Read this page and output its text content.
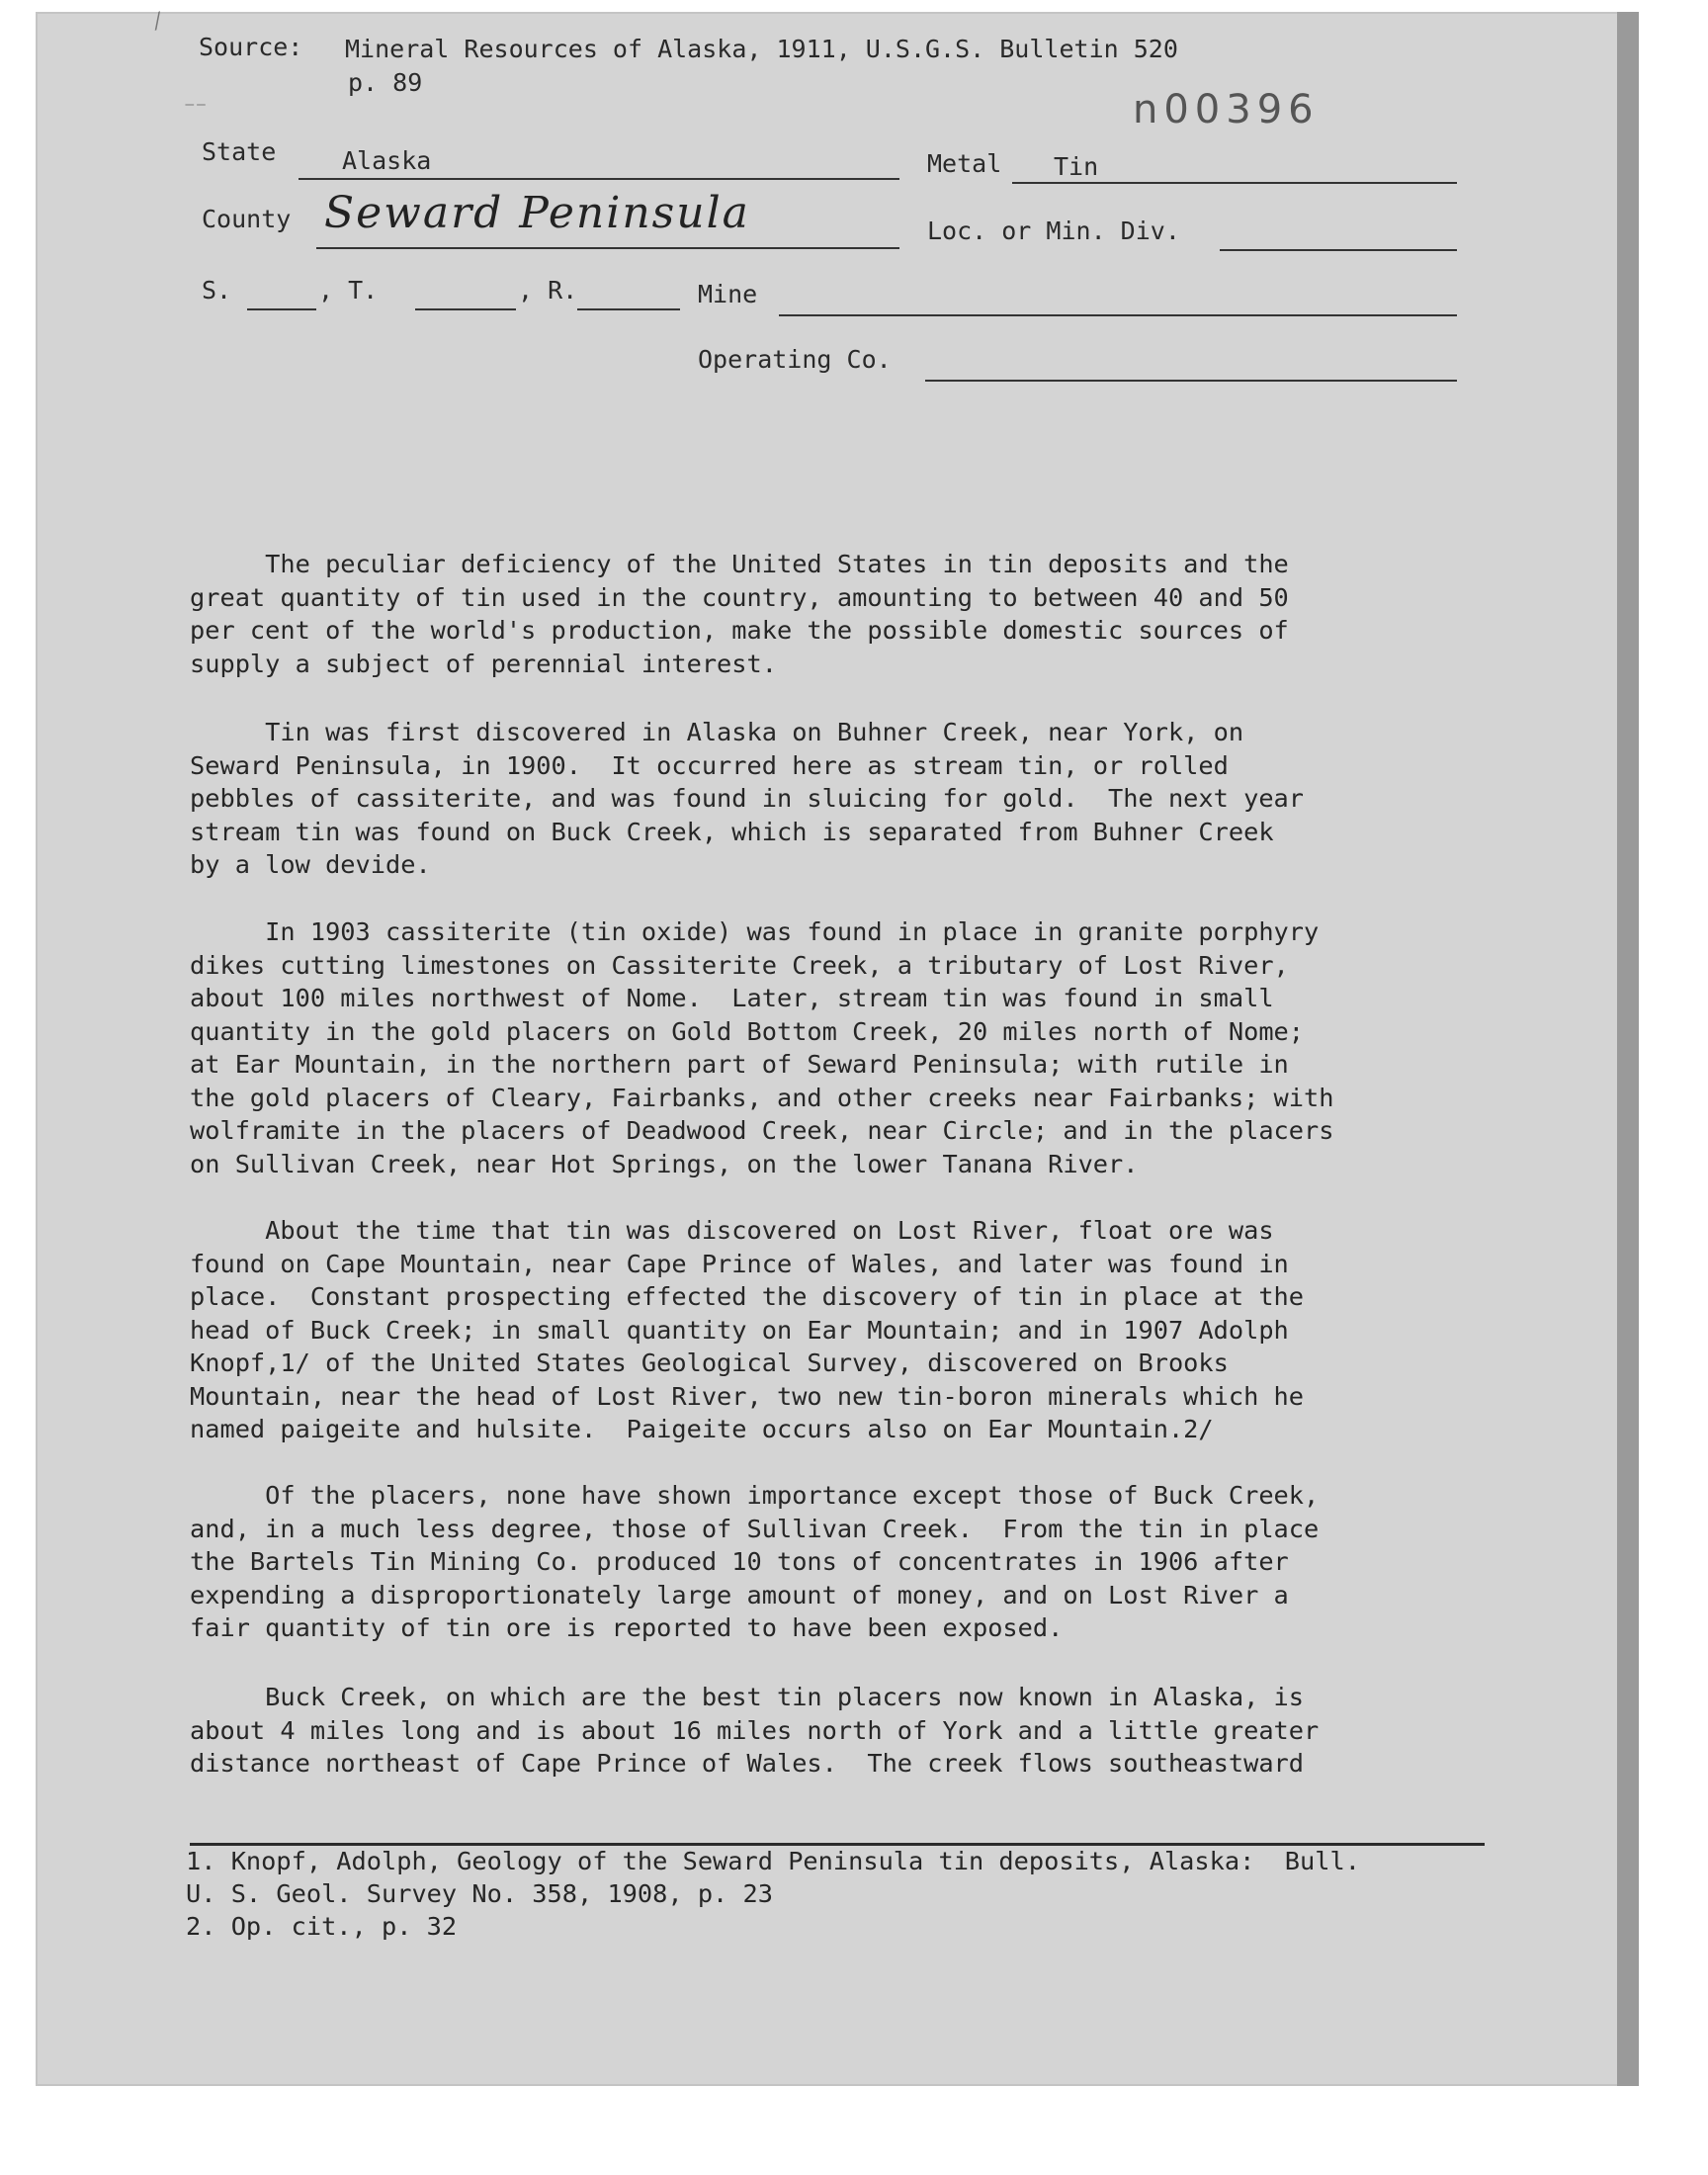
⁄
⁻⁻
Source: Mineral Resources of Alaska, 1911, U.S.G.S. Bulletin 520
p. 89
n00396
State	Alaska	Metal Tin
County Seward Peninsula	Loc. or Min. Div.
S.	, T.	, R.	Mine
Operating Co.

The peculiar deficiency of the United States in tin deposits and the

great quantity of tin used in the country, amounting to between 40 and 50

per cent of the world's production, make the possible domestic sources of

supply a subject of perennial interest.

Tin was first discovered in Alaska on Buhner Creek, near York, on

Seward Peninsula, in 1900.  It occurred here as stream tin, or rolled

pebbles of cassiterite, and was found in sluicing for gold.  The next year

stream tin was found on Buck Creek, which is separated from Buhner Creek

by a low devide.

In 1903 cassiterite (tin oxide) was found in place in granite porphyry

dikes cutting limestones on Cassiterite Creek, a tributary of Lost River,

about 100 miles northwest of Nome.  Later, stream tin was found in small

quantity in the gold placers on Gold Bottom Creek, 20 miles north of Nome;

at Ear Mountain, in the northern part of Seward Peninsula; with rutile in

the gold placers of Cleary, Fairbanks, and other creeks near Fairbanks; with

wolframite in the placers of Deadwood Creek, near Circle; and in the placers

on Sullivan Creek, near Hot Springs, on the lower Tanana River.

About the time that tin was discovered on Lost River, float ore was

found on Cape Mountain, near Cape Prince of Wales, and later was found in

place.  Constant prospecting effected the discovery of tin in place at the

head of Buck Creek; in small quantity on Ear Mountain; and in 1907 Adolph

Knopf,1/ of the United States Geological Survey, discovered on Brooks

Mountain, near the head of Lost River, two new tin-boron minerals which he

named paigeite and hulsite.  Paigeite occurs also on Ear Mountain.2/

Of the placers, none have shown importance except those of Buck Creek,

and, in a much less degree, those of Sullivan Creek.  From the tin in place

the Bartels Tin Mining Co. produced 10 tons of concentrates in 1906 after

expending a disproportionately large amount of money, and on Lost River a

fair quantity of tin ore is reported to have been exposed.

Buck Creek, on which are the best tin placers now known in Alaska, is

about 4 miles long and is about 16 miles north of York and a little greater

distance northeast of Cape Prince of Wales.  The creek flows southeastward

1. Knopf, Adolph, Geology of the Seward Peninsula tin deposits, Alaska:  Bull.

U. S. Geol. Survey No. 358, 1908, p. 23

2. Op. cit., p. 32
